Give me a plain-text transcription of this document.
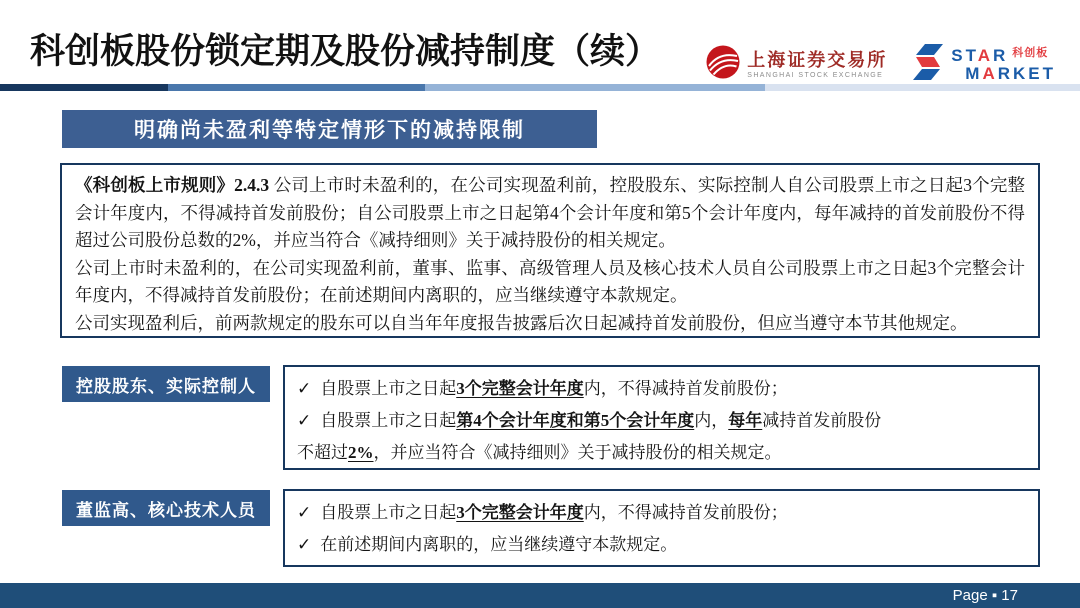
科创板股份锁定期及股份减持制度（续）	上海证券交易所
SHANGHAI STOCK EXCHANGE
STAR 科创板
MARKET
明确尚未盈利等特定情形下的减持限制

《科创板上市规则》2.4.3 公司上市时未盈利的，在公司实现盈利前，控股股东、实际控制人自公司股票上市之日起3个完整会计年度内，不得减持首发前股份；自公司股票上市之日起第4个会计年度和第5个会计年度内，每年减持的首发前股份不得超过公司股份总数的2%，并应当符合《减持细则》关于减持股份的相关规定。

公司上市时未盈利的，在公司实现盈利前，董事、监事、高级管理人员及核心技术人员自公司股票上市之日起3个完整会计年度内，不得减持首发前股份；在前述期间内离职的，应当继续遵守本款规定。

公司实现盈利后，前两款规定的股东可以自当年年度报告披露后次日起减持首发前股份，但应当遵守本节其他规定。

控股股东、实际控制人	✓ 自股票上市之日起3个完整会计年度内，不得减持首发前股份；
✓ 自股票上市之日起第4个会计年度和第5个会计年度内，每年减持首发前股份
不超过2%，并应当符合《减持细则》关于减持股份的相关规定。
董监高、核心技术人员	✓ 自股票上市之日起3个完整会计年度内，不得减持首发前股份；
✓ 在前述期间内离职的，应当继续遵守本款规定。
Page ▪ 17
